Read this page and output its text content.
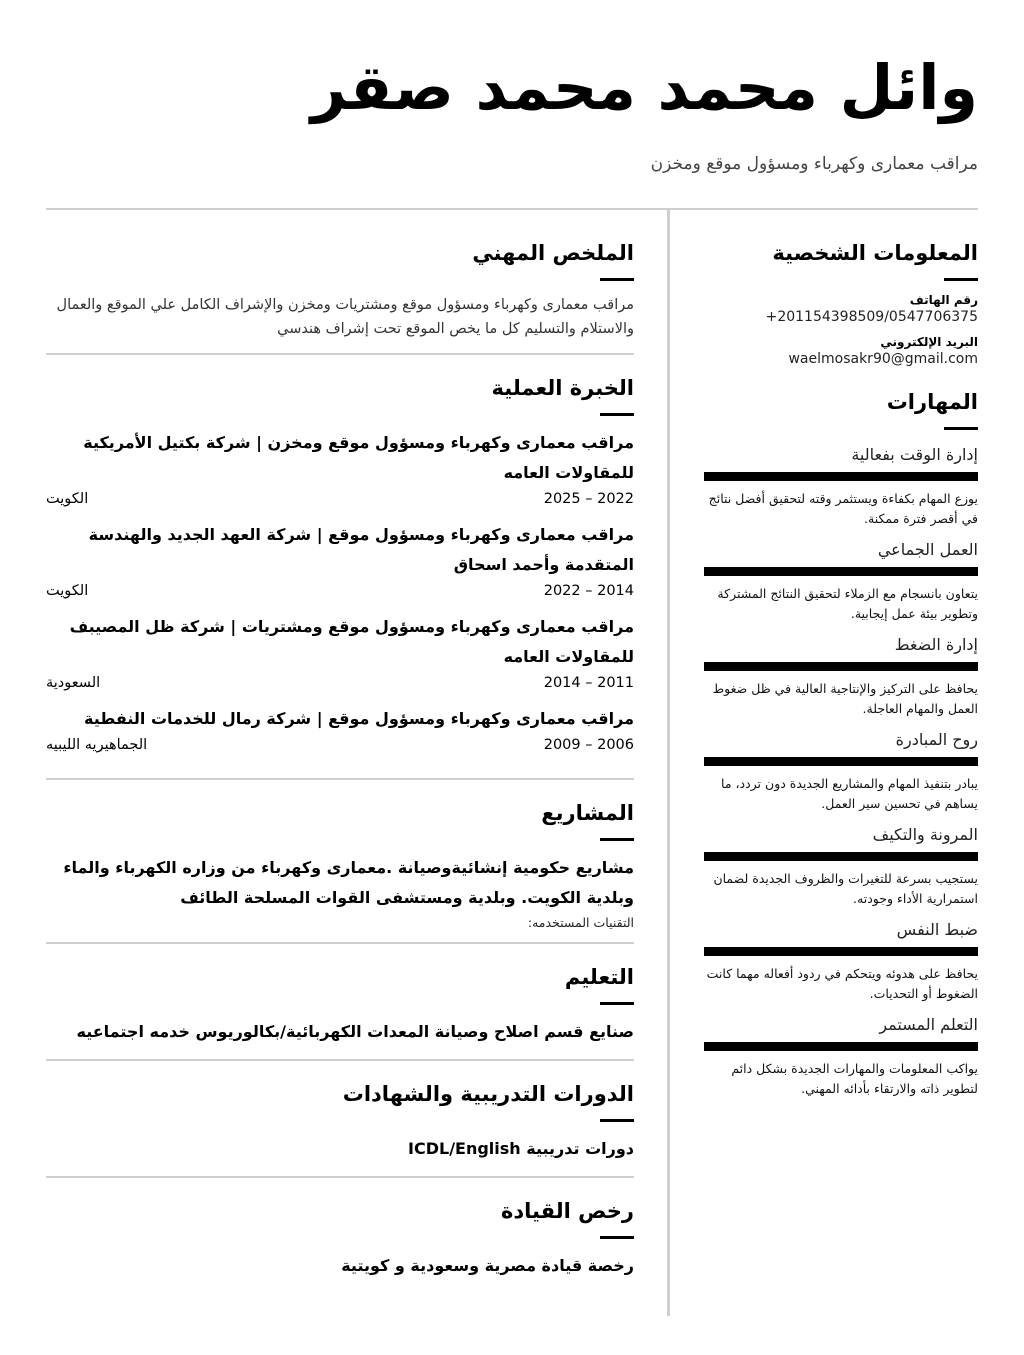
وائل محمد محمد صقر
مراقب معمارى وكهرباء ومسؤول موقع ومخزن
المعلومات الشخصية
رقم الهاتف
+201154398509/0547706375
البريد الإلكتروني
waelmosakr90@gmail.com
المهارات
إدارة الوقت بفعالية
يوزع المهام بكفاءة ويستثمر وقته لتحقيق أفضل نتائج في أقصر فترة ممكنة.
العمل الجماعي
يتعاون بانسجام مع الزملاء لتحقيق النتائج المشتركة وتطوير بيئة عمل إيجابية.
إدارة الضغط
يحافظ على التركيز والإنتاجية العالية في ظل ضغوط العمل والمهام العاجلة.
روح المبادرة
يبادر بتنفيذ المهام والمشاريع الجديدة دون تردد، ما يساهم في تحسين سير العمل.
المرونة والتكيف
يستجيب بسرعة للتغيرات والظروف الجديدة لضمان استمرارية الأداء وجودته.
ضبط النفس
يحافظ على هدوئه ويتحكم في ردود أفعاله مهما كانت الضغوط أو التحديات.
التعلم المستمر
يواكب المعلومات والمهارات الجديدة بشكل دائم لتطوير ذاته والارتقاء بأدائه المهني.
الملخص المهني
مراقب معمارى وكهرباء ومسؤول موقع ومشتريات ومخزن والإشراف الكامل علي الموقع والعمال والاستلام والتسليم كل ما يخص الموقع تحت إشراف هندسي
الخبرة العملية
مراقب معمارى وكهرباء ومسؤول موقع ومخزن | شركة بكتيل الأمريكية للمقاولات العامه
2022 – 2025
الكويت
مراقب معمارى وكهرباء ومسؤول موقع | شركة العهد الجديد والهندسة المتقدمة وأحمد اسحاق
2014 – 2022
الكويت
مراقب معمارى وكهرباء ومسؤول موقع ومشتريات | شركة ظل المصيبف للمقاولات العامه
2011 – 2014
السعودية
مراقب معمارى وكهرباء ومسؤول موقع | شركة رمال للخدمات النفطية
2006 – 2009
الجماهيريه الليبيه
المشاريع
مشاريع حكومية إنشائيةوصيانة .معمارى وكهرباء من وزاره الكهرباء والماء وبلدية الكويت. وبلدية ومستشفى القوات المسلحة الطائف
التقنيات المستخدمه:
التعليم
صنايع قسم اصلاح وصيانة المعدات الكهربائية/بكالوريوس خدمه اجتماعيه
الدورات التدريبية والشهادات
دورات تدريبية ICDL/English
رخص القيادة
رخصة قيادة مصرية وسعودية و كويتية
